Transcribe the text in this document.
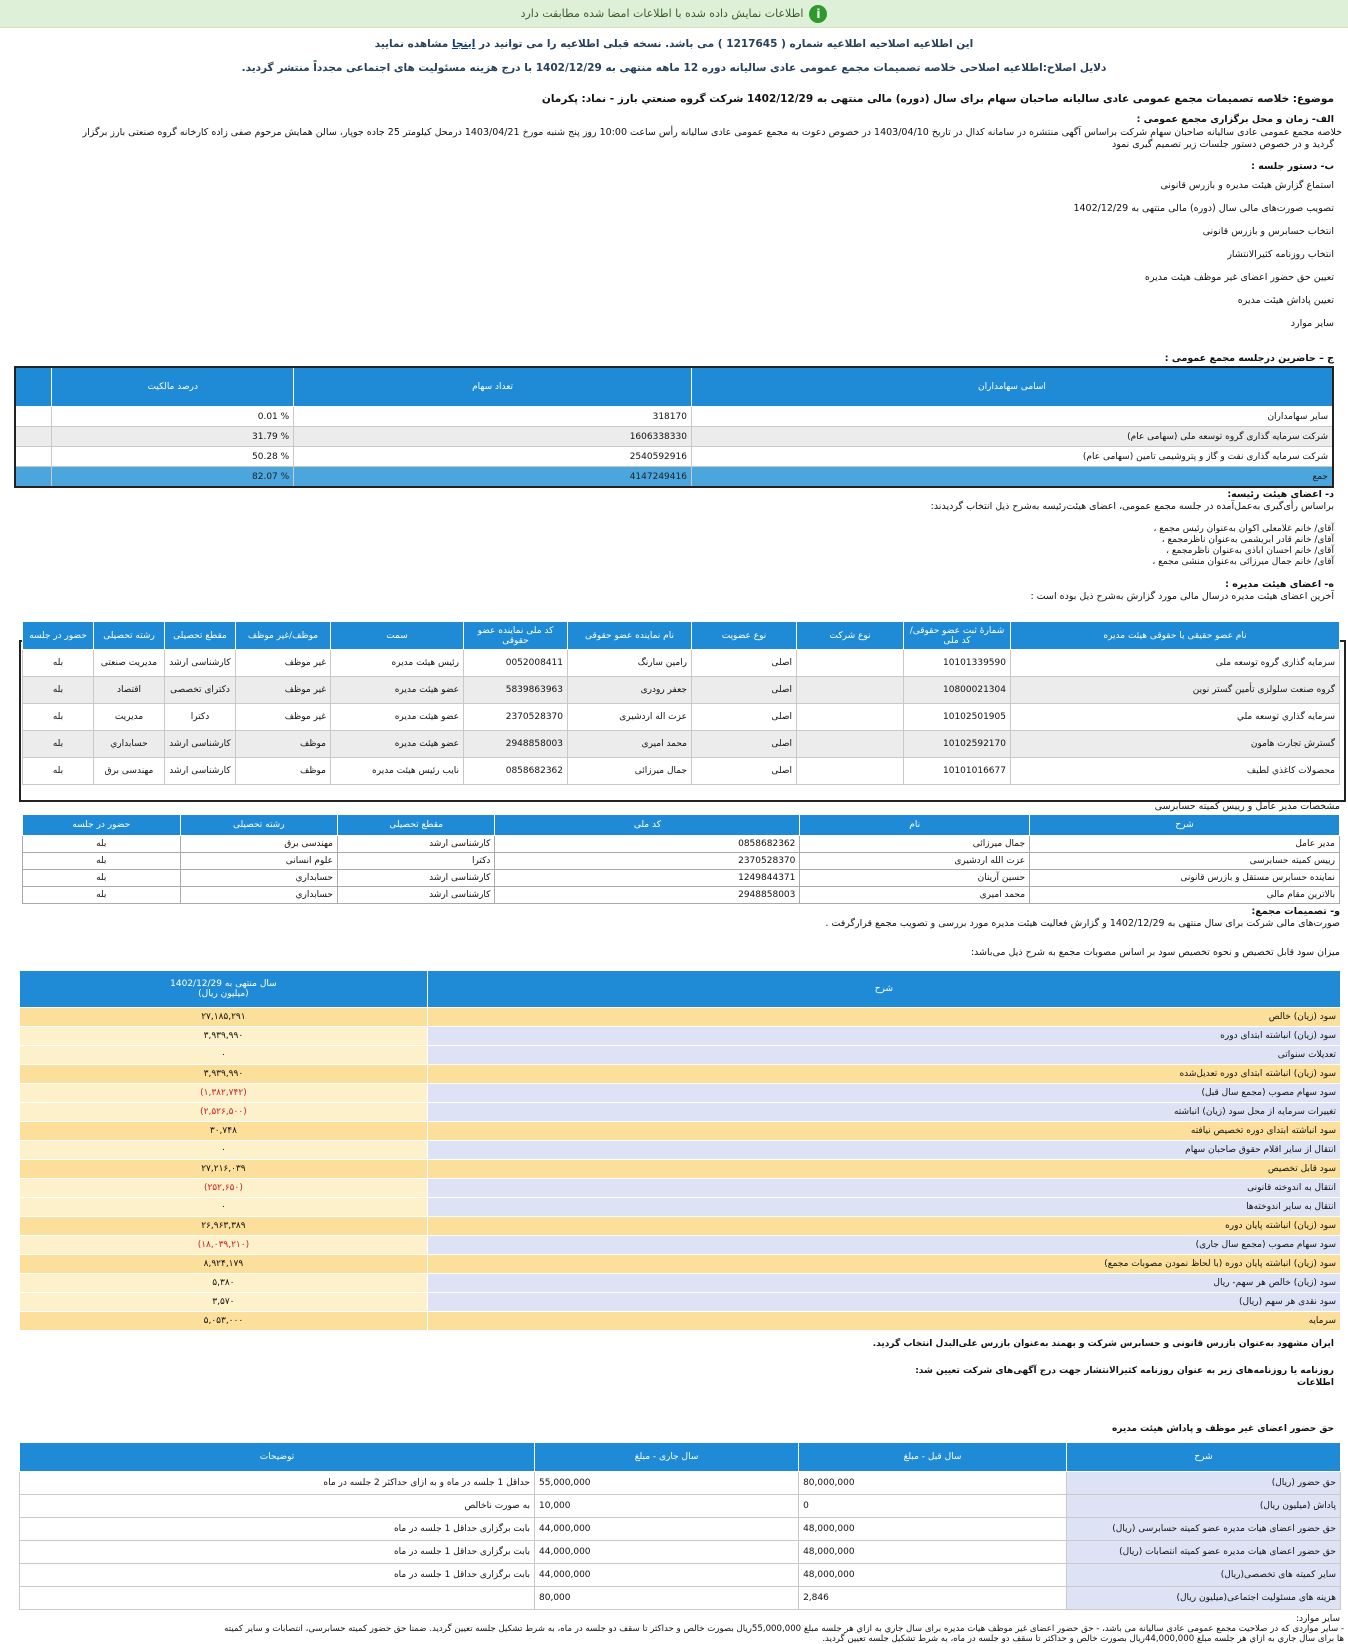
iاطلاعات نمایش داده شده با اطلاعات امضا شده مطابقت دارد
این اطلاعیه اصلاحیه اطلاعیه شماره ( 1217645 ) می باشد. نسخه قبلی اطلاعیه را می توانید در اینجا مشاهده نمایید
دلایل اصلاح:اطلاعیه اصلاحی خلاصه تصمیمات مجمع عمومی عادی سالیانه دوره 12 ماهه منتهی به 1402/12/29 با درج هزینه مسئولیت های اجتماعی مجدداً منتشر گردید.
موضوع: خلاصه تصمیمات مجمع عمومی عادی سالیانه صاحبان سهام برای سال (دوره) مالی منتهی به 1402/12/29 شرکت گروه صنعتي بارز - نماد: پکرمان
الف- زمان و محل برگزاری مجمع عمومی :
خلاصه مجمع عمومی عادی سالیانه صاحبان سهام شرکت براساس آگهی منتشره در سامانه کدال در تاریخ 1403/04/10 در خصوص دعوت به مجمع عمومی عادی سالیانه رأس ساعت 10:00 روز پنج شنبه مورخ 1403/04/21 درمحل کیلومتر 25 جاده جوپار، سالن همایش مرحوم صفی زاده کارخانه گروه صنعتی بارز برگزار
گردید و در خصوص دستور جلسات زیر تصمیم گیری نمود
ب- دستور جلسه :
استماع گزارش هیئت مدیره و بازرس قانونی
تصویب صورت‌های مالی سال (دوره) مالی منتهی به 1402/12/29
انتخاب حسابرس و بازرس قانونی
انتخاب روزنامه کثیرالانتشار
تعیین حق حضور اعضای غیر موظف هیئت مدیره
تعیین پاداش هیئت مدیره
سایر موارد
ج – حاضرین درجلسه مجمع عمومی :
اسامی سهامداران	تعداد سهام	درصد مالکیت	
سایر سهامداران	318170	% 0.01	
شرکت سرمایه گذاری گروه توسعه ملی (سهامی عام)	1606338330	% 31.79	
شرکت سرمایه گذاری نفت و گاز و پتروشیمی تامین (سهامی عام)	2540592916	% 50.28	
جمع	4147249416	% 82.07	
د- اعضای هیئت رئیسه:
براساس رأی‌گیری به‌عمل‌آمده در جلسه مجمع عمومی، اعضای هیئت‌رئیسه به‌شرح ذیل انتخاب گردیدند:
آقای/ خانم غلامعلی اکوان به‌عنوان رئیس مجمع ،
آقای/ خانم قادر ابریشمی به‌عنوان ناظرمجمع ،
آقای/ خانم احسان اباذی به‌عنوان ناظرمجمع ،
آقای/ خانم جمال میرزائی به‌عنوان منشی مجمع ،
ه- اعضای هیئت مدیره :
آخرین اعضای هیئت مدیره درسال مالی مورد گزارش به‌شرح ذیل بوده است :
نام عضو حقیقی یا حقوقی هیئت مدیره	شمارۀ ثبت عضو حقوقی/کد ملی	نوع شرکت	نوع عضویت	نام نماینده عضو حقوقی	کد ملی نماینده عضو حقوقی	سمت	موظف/غیر موظف	مقطع تحصیلی	رشته تحصیلی	حضور در جلسه
سرمایه گذاری گروه توسعه ملی	10101339590		اصلی	رامین سارنگ	0052008411	رئیس هیئت مدیره	غیر موظف	کارشناسی ارشد	مدیریت صنعتی	بله
گروه صنعت سلولزی تأمین گستر نوین	10800021304		اصلی	جعفر رودری	5839863963	عضو هیئت مدیره	غیر موظف	دکترای تخصصی	اقتصاد	بله
سرمایه گذاري توسعه ملي	10102501905		اصلی	عزت اله اردشیری	2370528370	عضو هیئت مدیره	غیر موظف	دکترا	مدیریت	بله
گسترش تجارت هامون	10102592170		اصلی	محمد امیری	2948858003	عضو هیئت مدیره	موظف	کارشناسی ارشد	حسابداري	بله
محصولات کاغذي لطيف	10101016677		اصلی	جمال میرزائی	0858682362	نایب رئیس هیئت مدیره	موظف	کارشناسی ارشد	مهندسی برق	بله
مشخصات مدیر عامل و رییس کمیته حسابرسی
شرح	نام	کد ملی	مقطع تحصیلی	رشته تحصیلی	حضور در جلسه
مدیر عامل	جمال میرزائی	0858682362	کارشناسی ارشد	مهندسی برق	بله
رییس کمیته حسابرسی	عزت الله اردشیری	2370528370	دکترا	علوم انسانی	بله
نماینده حسابرس مستقل و بازرس قانونی	حسین آرینان	1249844371	کارشناسی ارشد	حسابداري	بله
بالاترین مقام مالی	محمد امیری	2948858003	کارشناسی ارشد	حسابداري	بله
و- تصمیمات مجمع:
صورت‌های مالی شرکت برای سال منتهی به 1402/12/29 و گزارش فعالیت هیئت مدیره مورد بررسی و تصویب مجمع قرارگرفت .
میزان سود قابل تخصیص و نحوه تخصیص سود بر اساس مصوبات مجمع به شرح ذیل می‌باشد:
شرح	سال منتهی به 1402/12/29
(میلیون ریال)
سود (زیان) خالص	۲۷,۱۸۵,۲۹۱
سود (زیان) انباشته ابتدای دوره	۳,۹۳۹,۹۹۰
تعدیلات سنواتی	۰
سود (زیان) انباشته ابتدای دوره تعدیل‌شده	۳,۹۳۹,۹۹۰
سود سهام مصوب (مجمع سال قبل)	(۱,۳۸۲,۷۴۲)
تغییرات سرمایه از محل سود (زیان) انباشته	(۲,۵۲۶,۵۰۰)
سود انباشته ابتدای دوره تخصیص نیافته	۳۰,۷۴۸
انتقال از سایر اقلام حقوق صاحبان سهام	۰
سود قابل تخصیص	۲۷,۲۱۶,۰۳۹
انتقال به اندوخته قانونی	(۲۵۲,۶۵۰)
انتقال به سایر اندوخته‌ها	۰
سود (زیان) انباشته پایان دوره	۲۶,۹۶۳,۳۸۹
سود سهام مصوب (مجمع سال جاری)	(۱۸,۰۳۹,۲۱۰)
سود (زیان) انباشته پایان دوره (با لحاظ نمودن مصوبات مجمع)	۸,۹۲۴,۱۷۹
سود (زیان) خالص هر سهم- ریال	۵,۳۸۰
سود نقدی هر سهم (ریال)	۳,۵۷۰
سرمایه	۵,۰۵۳,۰۰۰
ایران مشهود به‌عنوان بازرس قانونی و حسابرس شرکت و بهمند به‌عنوان بازرس علی‌البدل انتخاب گردید.
روزنامه یا روزنامه‌های زیر به عنوان روزنامه کثیرالانتشار جهت درج آگهی‌های شرکت تعیین شد:
اطلاعات
حق حضور اعضای غیر موظف و پاداش هیئت مدیره
شرح	سال قبل - مبلغ	سال جاری - مبلغ	توضیحات
حق حضور (ریال)	80,000,000	55,000,000	حداقل 1 جلسه در ماه و به ازای حداکثر 2 جلسه در ماه
پاداش (میلیون ریال)	0	10,000	به صورت ناخالص
حق حضور اعضای هیات مدیره عضو کمیته حسابرسی (ریال)	48,000,000	44,000,000	بابت برگزاری حداقل 1 جلسه در ماه
حق حضور اعضای هیات مدیره عضو کمیته انتصابات (ریال)	48,000,000	44,000,000	بابت برگزاری حداقل 1 جلسه در ماه
سایر کمیته های تخصصی(ریال)	48,000,000	44,000,000	بابت برگزاری حداقل 1 جلسه در ماه
هزینه های مسئولیت اجتماعی(میلیون ریال)	2,846	80,000	
سایر موارد:
- سایر مواردی که در صلاحیت مجمع عمومی عادی سالیانه می باشد، - حق حضور اعضای غیر موظف هیات مدیره برای سال جاري به ازاي هر جلسه مبلغ 55,000,000ریال بصورت خالص و حداکثر تا سقف دو جلسه در ماه، به شرط تشکیل جلسه تعیین گردید. ضمنا حق حضور کمیته حسابرسی، انتصابات و سایر کمیته
ها برای سال جاري به ازاي هر جلسه مبلغ 44,000,000ریال بصورت خالص و حداکثر تا سقف دو جلسه در ماه، به شرط تشکیل جلسه تعیین گردید.
